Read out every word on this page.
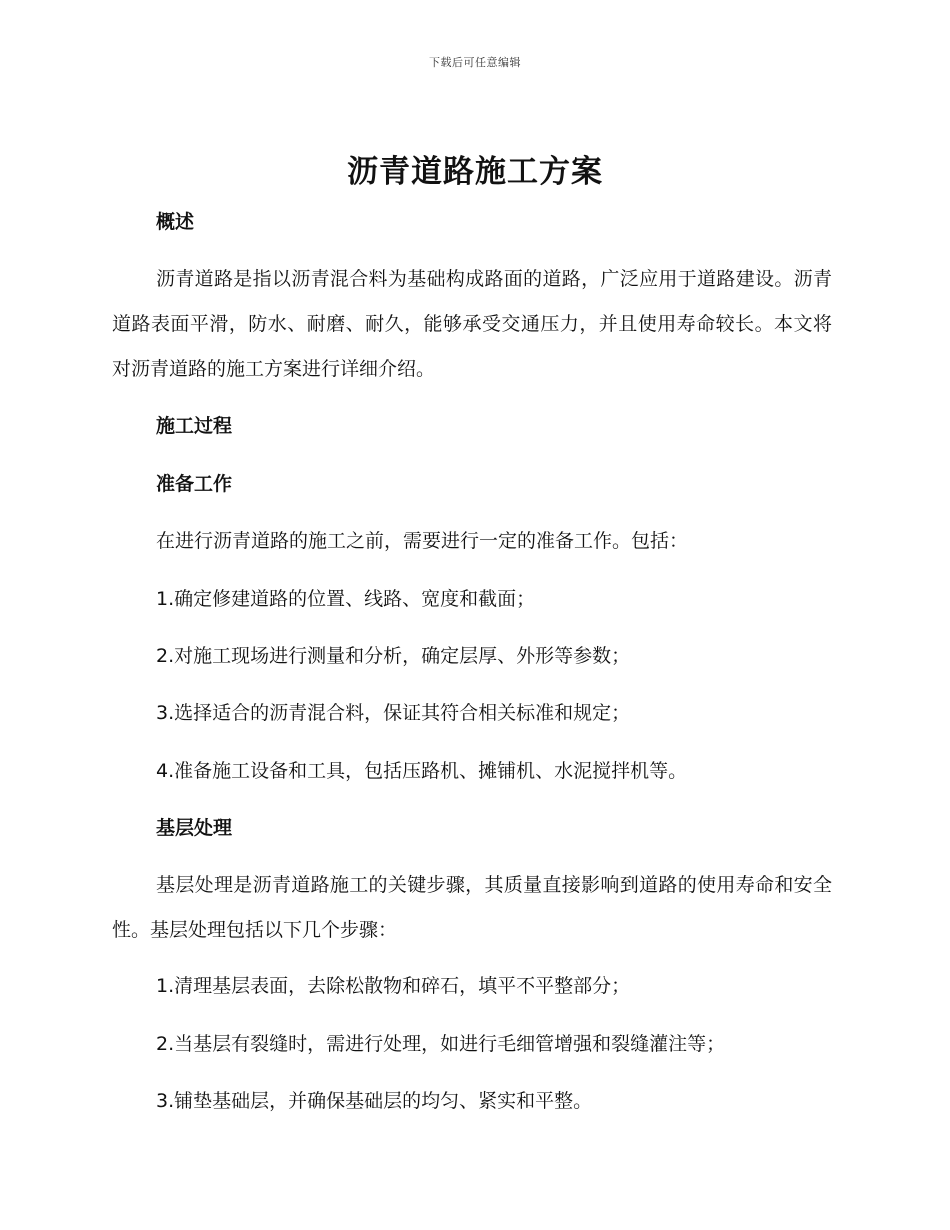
下载后可任意编辑
沥青道路施工方案
概述

沥青道路是指以沥青混合料为基础构成路面的道路，广泛应用于道路建设。沥青道路表面平滑，防水、耐磨、耐久，能够承受交通压力，并且使用寿命较长。本文将对沥青道路的施工方案进行详细介绍。

施工过程
准备工作

在进行沥青道路的施工之前，需要进行一定的准备工作。包括：

1.确定修建道路的位置、线路、宽度和截面；

2.对施工现场进行测量和分析，确定层厚、外形等参数；

3.选择适合的沥青混合料，保证其符合相关标准和规定；

4.准备施工设备和工具，包括压路机、摊铺机、水泥搅拌机等。

基层处理

基层处理是沥青道路施工的关键步骤，其质量直接影响到道路的使用寿命和安全性。基层处理包括以下几个步骤：

1.清理基层表面，去除松散物和碎石，填平不平整部分；

2.当基层有裂缝时，需进行处理，如进行毛细管增强和裂缝灌注等；

3.铺垫基础层，并确保基础层的均匀、紧实和平整。
